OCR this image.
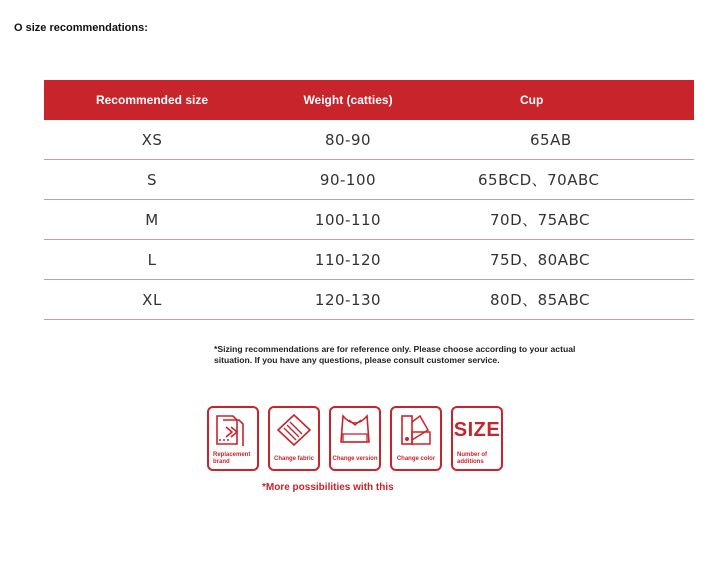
O size recommendations:
Recommended size	Weight (catties)	Cup
XS	80-90	65AB
S	90-100	65BCD、70ABC
M	100-110	70D、75ABC
L	110-120	75D、80ABC
XL	120-130	80D、85ABC
*Sizing recommendations are for reference only. Please choose according to your actual situation. If you have any questions, please consult customer service.
Replacement brand	Change fabric	Change version	Change color
SIZE
Number of additions
*More possibilities with this
